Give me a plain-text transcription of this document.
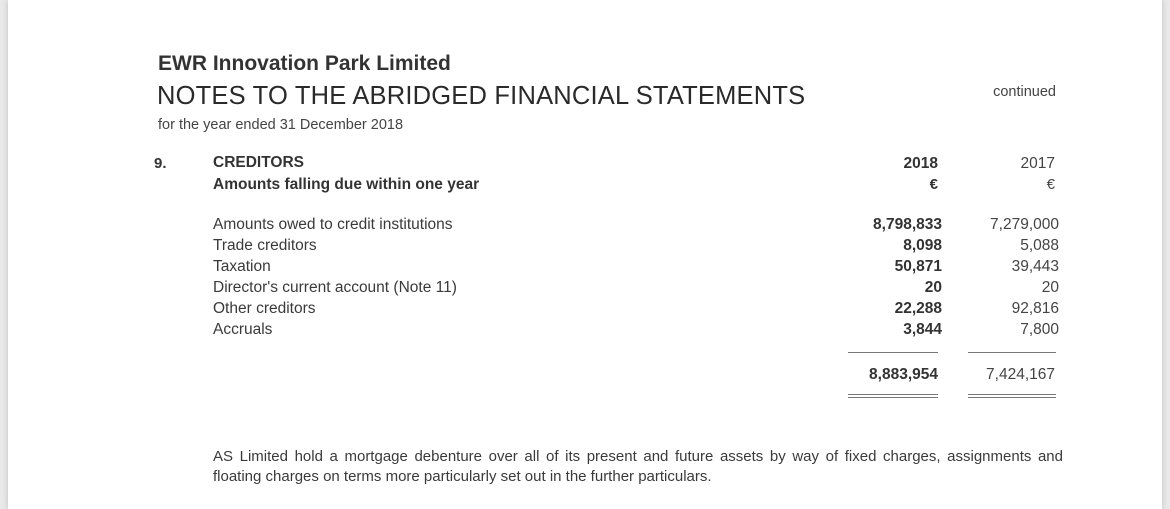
EWR Innovation Park Limited
NOTES TO THE ABRIDGED FINANCIAL STATEMENTS	continued
for the year ended 31 December 2018
9.	CREDITORS
Amounts falling due within one year
2018	2017
€	€
Amounts owed to credit institutions	8,798,833	7,279,000
Trade creditors	8,098	5,088
Taxation	50,871	39,443
Director's current account (Note 11)	20	20
Other creditors	22,288	92,816
Accruals	3,844	7,800
8,883,954	7,424,167
AS Limited hold a mortgage debenture over all of its present and future assets by way of fixed charges, assignments and floating charges on terms more particularly set out in the further particulars.
